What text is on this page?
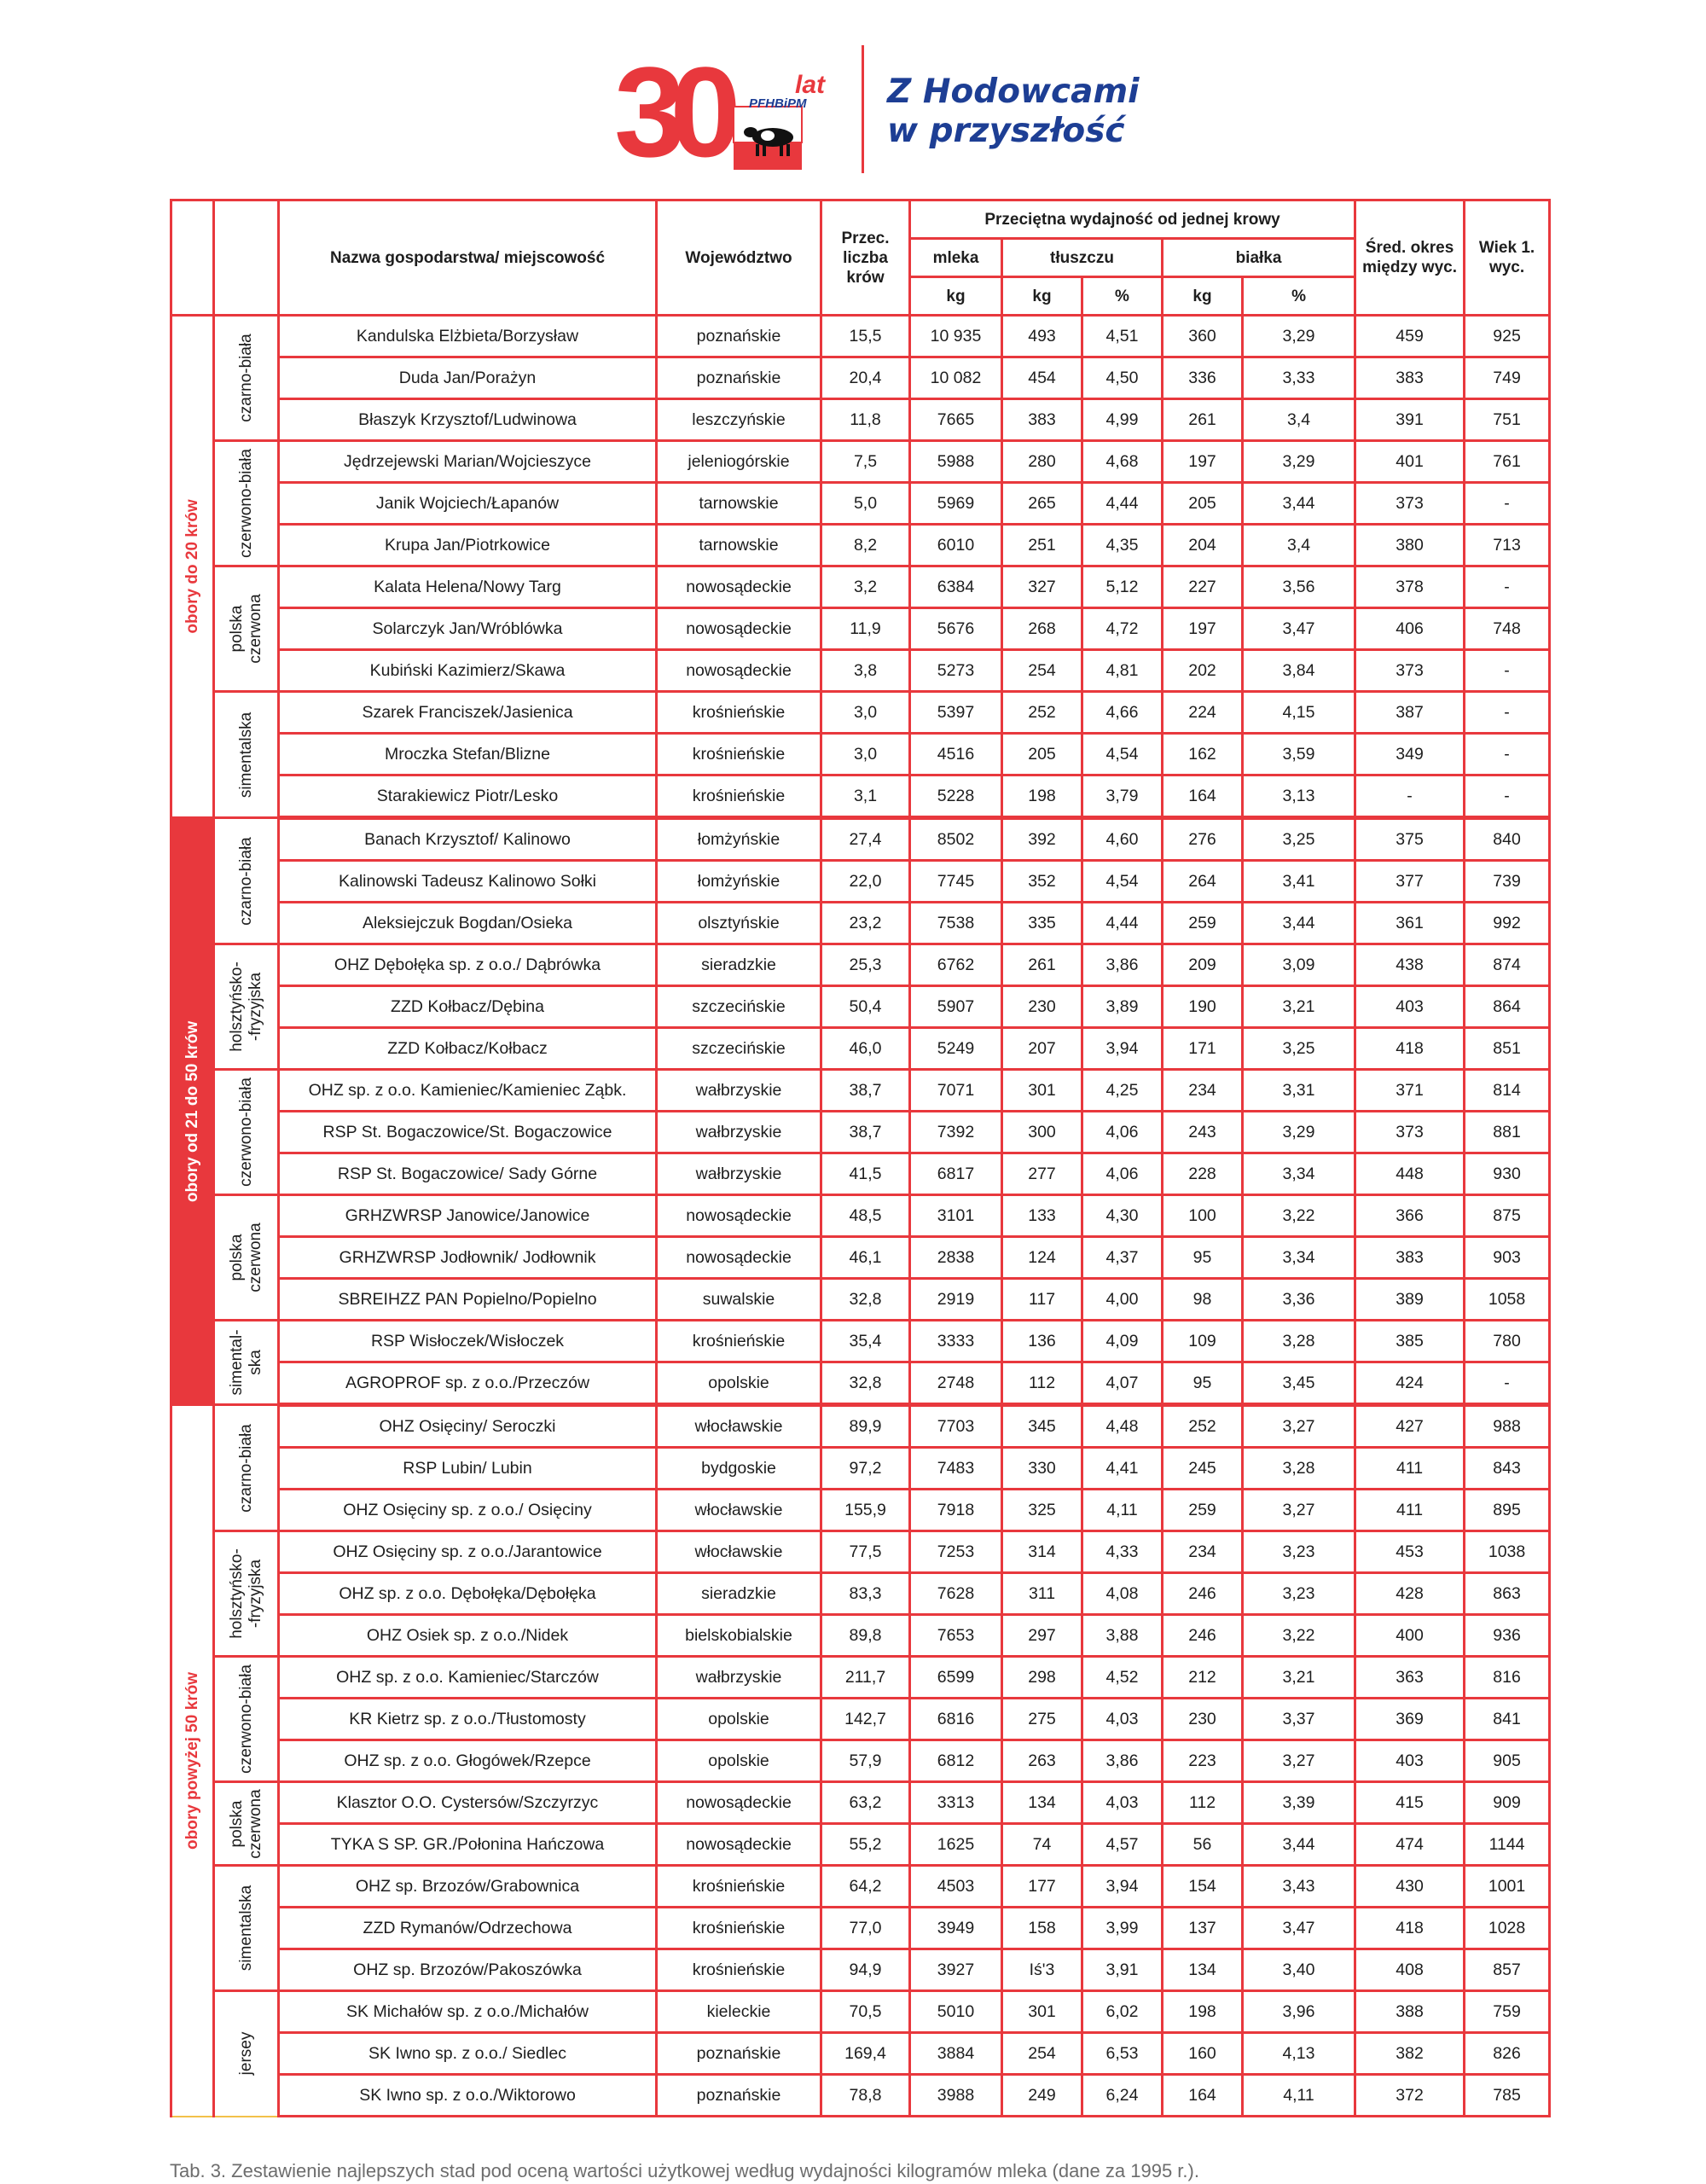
30	lat
PFHBiPM Z Hodowcami
w przyszłość
		Nazwa gospodarstwa/ miejscowość	Województwo	Przec. liczba krów	Przeciętna wydajność od jednej krowy					Śred. okres między wyc.	Wiek 1. wyc.
					mleka	tłuszczu		białka			
					kg	kg	%	kg	%		

obory do 20 krów	czarno-biała	Kandulska Elżbieta/Borzysław	poznańskie	15,5	10 935	493	4,51	360	3,29	459	925
		Duda Jan/Porażyn	poznańskie	20,4	10 082	454	4,50	336	3,33	383	749
		Błaszyk Krzysztof/Ludwinowa	leszczyńskie	11,8	7665	383	4,99	261	3,4	391	751

	czerwono-biała	Jędrzejewski Marian/Wojcieszyce	jeleniogórskie	7,5	5988	280	4,68	197	3,29	401	761
		Janik Wojciech/Łapanów	tarnowskie	5,0	5969	265	4,44	205	3,44	373	-
		Krupa Jan/Piotrkowice	tarnowskie	8,2	6010	251	4,35	204	3,4	380	713

	polska
czerwona	Kalata Helena/Nowy Targ	nowosądeckie	3,2	6384	327	5,12	227	3,56	378	-
		Solarczyk Jan/Wróblówka	nowosądeckie	11,9	5676	268	4,72	197	3,47	406	748
		Kubiński Kazimierz/Skawa	nowosądeckie	3,8	5273	254	4,81	202	3,84	373	-

	simentalska	Szarek Franciszek/Jasienica	krośnieńskie	3,0	5397	252	4,66	224	4,15	387	-
		Mroczka Stefan/Blizne	krośnieńskie	3,0	4516	205	4,54	162	3,59	349	-
		Starakiewicz Piotr/Lesko	krośnieńskie	3,1	5228	198	3,79	164	3,13	-	-

obory od 21 do 50 krów	czarno-biała	Banach Krzysztof/ Kalinowo	łomżyńskie	27,4	8502	392	4,60	276	3,25	375	840
		Kalinowski Tadeusz Kalinowo Sołki	łomżyńskie	22,0	7745	352	4,54	264	3,41	377	739
		Aleksiejczuk Bogdan/Osieka	olsztyńskie	23,2	7538	335	4,44	259	3,44	361	992

	holsztyńsko-
-fryzyjska	OHZ Dębołęka sp. z o.o./ Dąbrówka	sieradzkie	25,3	6762	261	3,86	209	3,09	438	874
		ZZD Kołbacz/Dębina	szczecińskie	50,4	5907	230	3,89	190	3,21	403	864
		ZZD Kołbacz/Kołbacz	szczecińskie	46,0	5249	207	3,94	171	3,25	418	851

	czerwono-biała	OHZ sp. z o.o. Kamieniec/Kamieniec Ząbk.	wałbrzyskie	38,7	7071	301	4,25	234	3,31	371	814
		RSP St. Bogaczowice/St. Bogaczowice	wałbrzyskie	38,7	7392	300	4,06	243	3,29	373	881
		RSP St. Bogaczowice/ Sady Górne	wałbrzyskie	41,5	6817	277	4,06	228	3,34	448	930

	polska
czerwona	GRHZWRSP Janowice/Janowice	nowosądeckie	48,5	3101	133	4,30	100	3,22	366	875
		GRHZWRSP Jodłownik/ Jodłownik	nowosądeckie	46,1	2838	124	4,37	95	3,34	383	903
		SBREIHZZ PAN Popielno/Popielno	suwalskie	32,8	2919	117	4,00	98	3,36	389	1058

	simental-
ska	RSP Wisłoczek/Wisłoczek	krośnieńskie	35,4	3333	136	4,09	109	3,28	385	780
		AGROPROF sp. z o.o./Przeczów	opolskie	32,8	2748	112	4,07	95	3,45	424	-

obory powyżej 50 krów	czarno-biała	OHZ Osięciny/ Seroczki	włocławskie	89,9	7703	345	4,48	252	3,27	427	988
		RSP Lubin/ Lubin	bydgoskie	97,2	7483	330	4,41	245	3,28	411	843
		OHZ Osięciny sp. z o.o./ Osięciny	włocławskie	155,9	7918	325	4,11	259	3,27	411	895

	holsztyńsko-
-fryzyjska	OHZ Osięciny sp. z o.o./Jarantowice	włocławskie	77,5	7253	314	4,33	234	3,23	453	1038
		OHZ sp. z o.o. Dębołęka/Dębołęka	sieradzkie	83,3	7628	311	4,08	246	3,23	428	863
		OHZ Osiek sp. z o.o./Nidek	bielskobialskie	89,8	7653	297	3,88	246	3,22	400	936

	czerwono-biała	OHZ sp. z o.o. Kamieniec/Starczów	wałbrzyskie	211,7	6599	298	4,52	212	3,21	363	816
		KR Kietrz sp. z o.o./Tłustomosty	opolskie	142,7	6816	275	4,03	230	3,37	369	841
		OHZ sp. z o.o. Głogówek/Rzepce	opolskie	57,9	6812	263	3,86	223	3,27	403	905

	polska
czerwona	Klasztor O.O. Cystersów/Szczyrzyc	nowosądeckie	63,2	3313	134	4,03	112	3,39	415	909
		TYKA S SP. GR./Połonina Hańczowa	nowosądeckie	55,2	1625	74	4,57	56	3,44	474	1144

	simentalska	OHZ sp. Brzozów/Grabownica	krośnieńskie	64,2	4503	177	3,94	154	3,43	430	1001
		ZZD Rymanów/Odrzechowa	krośnieńskie	77,0	3949	158	3,99	137	3,47	418	1028
		OHZ sp. Brzozów/Pakoszówka	krośnieńskie	94,9	3927	Iś'3	3,91	134	3,40	408	857

	jersey	SK Michałów sp. z o.o./Michałów	kieleckie	70,5	5010	301	6,02	198	3,96	388	759
		SK Iwno sp. z o.o./ Siedlec	poznańskie	169,4	3884	254	6,53	160	4,13	382	826
		SK Iwno sp. z o.o./Wiktorowo	poznańskie	78,8	3988	249	6,24	164	4,11	372	785
Tab. 3. Zestawienie najlepszych stad pod oceną wartości użytkowej według wydajności kilogramów mleka (dane za 1995 r.).
